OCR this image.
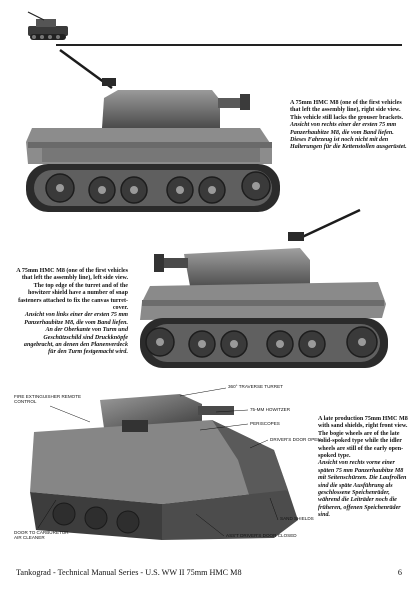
A 75mm HMC M8 (one of the first vehicles that left the assembly line), right side view. This vehicle still lacks the grouser brackets.

Ansicht von rechts einer der ersten 75 mm Panzerhaubitze M8, die vom Band liefen. Dieses Fahrzeug ist noch nicht mit den Halterungen für die Kettenstollen ausgerüstet.

A 75mm HMC M8 (one of the first vehicles that left the assembly line), left side view. The top edge of the turret and of the howitzer shield have a number of snap fasteners attached to fix the canvas turret-cover.

Ansicht von links einer der ersten 75 mm Panzerhaubitze M8, die vom Band liefen. An der Oberkante von Turm und Geschützschild sind Druckknöpfe angebracht, an denen den Planenverdeck für den Turm festgemacht wird.

360° TRAVERSE TURRET
75-MM HOWITZER
PERISCOPES
DRIVER'S DOOR OPEN
SAND SHIELDS
ASS'T DRIVER'S DOOR CLOSED
FIRE EXTINGUISHER REMOTE CONTROL
DOOR TO CARBURETOR AIR CLEANER

A late production 75mm HMC M8 with sand shields, right front view. The bogie wheels are of the late solid-spoked type while the idler wheels are still of the early open-spoked type.

Ansicht von rechts vorne einer späten 75 mm Panzerhaubitze M8 mit Seitenschürzen. Die Laufrollen sind die späte Ausführung als geschlossene Speichenräder, während die Leiträder noch die früheren, offenen Speichenräder sind.

Tankograd - Technical Manual Series - U.S. WW II 75mm HMC M8	6
